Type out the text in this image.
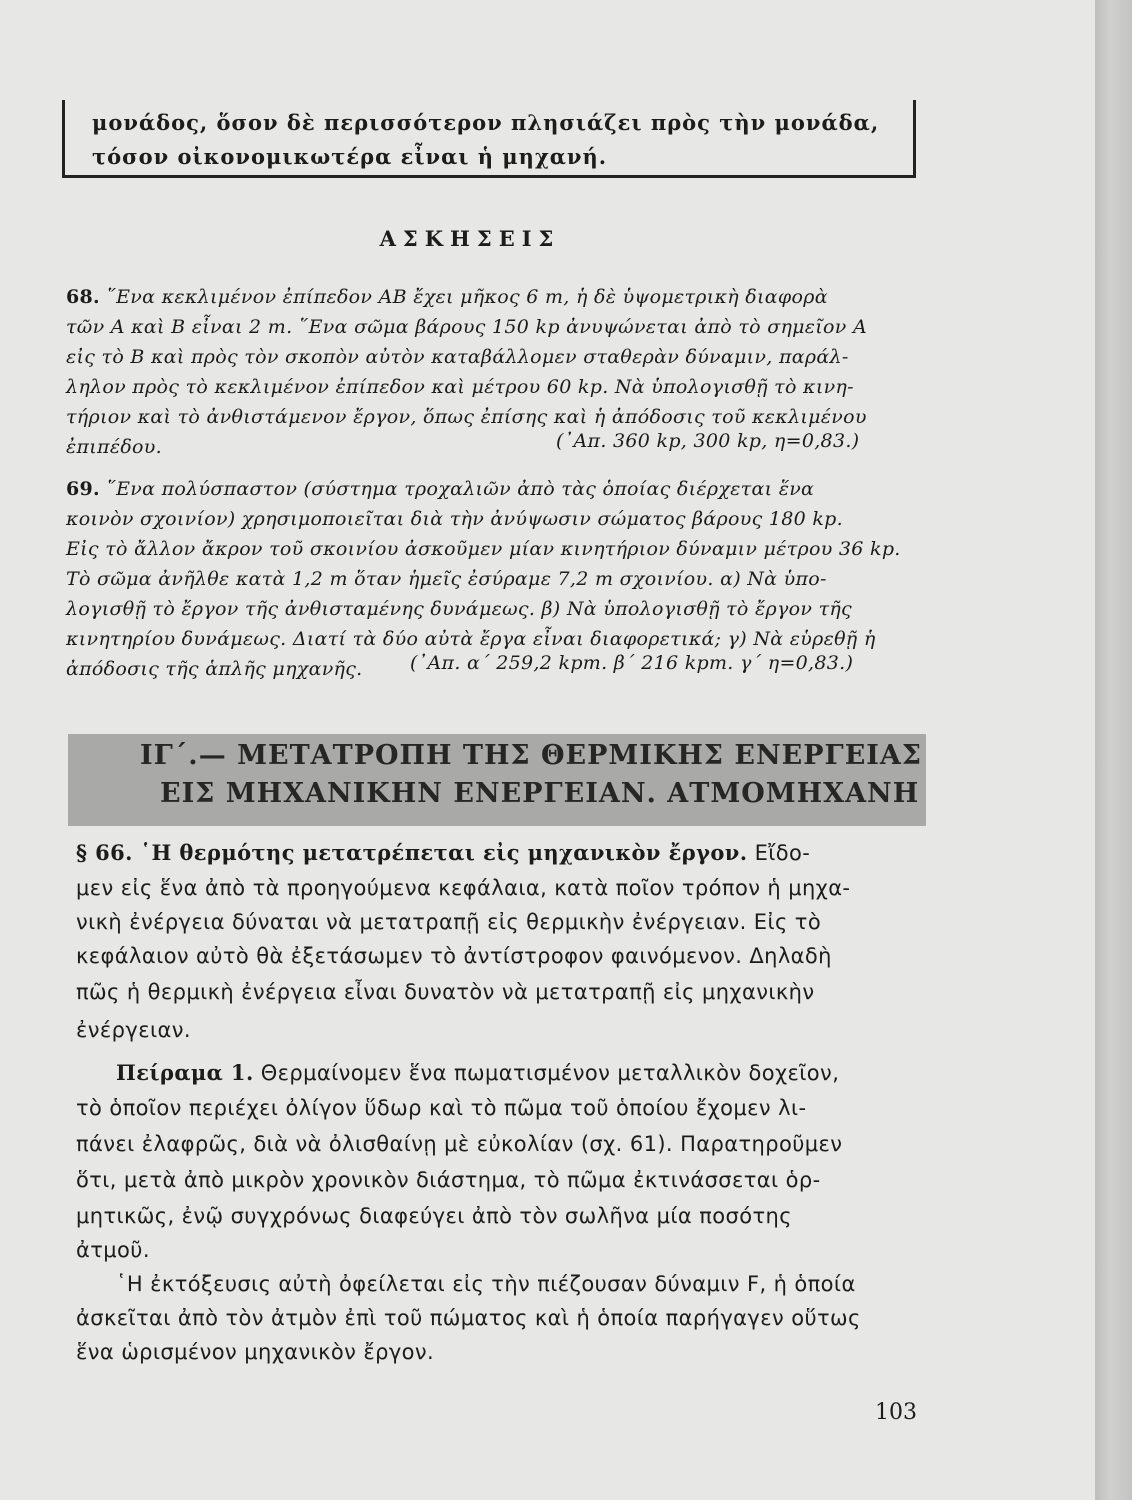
μονάδος, ὅσον δὲ περισσότερον πλησιάζει πρὸς τὴν μονάδα,
τόσον οἰκονομικωτέρα εἶναι ἡ μηχανή.
ΑΣΚΗΣΕΙΣ
68. ῞Ενα κεκλιμένον ἐπίπεδον ΑΒ ἔχει μῆκος 6 m, ἡ δὲ ὑψομετρικὴ διαφορὰ
τῶν Α καὶ Β εἶναι 2 m. ῞Ενα σῶμα βάρους 150 kp ἀνυψώνεται ἀπὸ τὸ σημεῖον Α
εἰς τὸ Β καὶ πρὸς τὸν σκοπὸν αὐτὸν καταβάλλομεν σταθερὰν δύναμιν, παράλ-
ληλον πρὸς τὸ κεκλιμένον ἐπίπεδον καὶ μέτρου 60 kp. Νὰ ὑπολογισθῇ τὸ κινη-
τήριον καὶ τὸ ἀνθιστάμενον ἔργον, ὅπως ἐπίσης καὶ ἡ ἀπόδοσις τοῦ κεκλιμένου
ἐπιπέδου.	(᾿Απ. 360 kp, 300 kp, η=0,83.)
69. ῞Ενα πολύσπαστον (σύστημα τροχαλιῶν ἀπὸ τὰς ὁποίας διέρχεται ἕνα
κοινὸν σχοινίον) χρησιμοποιεῖται διὰ τὴν ἀνύψωσιν σώματος βάρους 180 kp.
Εἰς τὸ ἄλλον ἄκρον τοῦ σκοινίου ἀσκοῦμεν μίαν κινητήριον δύναμιν μέτρου 36 kp.
Τὸ σῶμα ἀνῆλθε κατὰ 1,2 m ὅταν ἡμεῖς ἐσύραμε 7,2 m σχοινίου. α) Νὰ ὑπο-
λογισθῇ τὸ ἔργον τῆς ἀνθισταμένης δυνάμεως. β) Νὰ ὑπολογισθῇ τὸ ἔργον τῆς
κινητηρίου δυνάμεως. Διατί τὰ δύο αὐτὰ ἔργα εἶναι διαφορετικά; γ) Νὰ εὑρεθῇ ἡ
ἀπόδοσις τῆς ἁπλῆς μηχανῆς. (᾿Απ. α΄ 259,2 kpm. β΄ 216 kpm. γ΄ η=0,83.)
ΙΓ΄.— ΜΕΤΑΤΡΟΠΗ ΤΗΣ ΘΕΡΜΙΚΗΣ ΕΝΕΡΓΕΙΑΣ
ΕΙΣ ΜΗΧΑΝΙΚΗΝ ΕΝΕΡΓΕΙΑΝ. ΑΤΜΟΜΗΧΑΝΗ
§ 66. ῾Η θερμότης μετατρέπεται εἰς μηχανικὸν ἔργον. Εἴδο-
μεν εἰς ἕνα ἀπὸ τὰ προηγούμενα κεφάλαια, κατὰ ποῖον τρόπον ἡ μηχα-
νικὴ ἐνέργεια δύναται νὰ μετατραπῇ εἰς θερμικὴν ἐνέργειαν. Εἰς τὸ
κεφάλαιον αὐτὸ θὰ ἐξετάσωμεν τὸ ἀντίστροφον φαινόμενον. Δηλαδὴ
πῶς ἡ θερμικὴ ἐνέργεια εἶναι δυνατὸν νὰ μετατραπῇ εἰς μηχανικὴν
ἐνέργειαν.
Πείραμα 1. Θερμαίνομεν ἕνα πωματισμένον μεταλλικὸν δοχεῖον,
τὸ ὁποῖον περιέχει ὀλίγον ὕδωρ καὶ τὸ πῶμα τοῦ ὁποίου ἔχομεν λι-
πάνει ἐλαφρῶς, διὰ νὰ ὀλισθαίνῃ μὲ εὐκολίαν (σχ. 61). Παρατηροῦμεν
ὅτι, μετὰ ἀπὸ μικρὸν χρονικὸν διάστημα, τὸ πῶμα ἐκτινάσσεται ὁρ-
μητικῶς, ἐνῷ συγχρόνως διαφεύγει ἀπὸ τὸν σωλῆνα μία ποσότης
ἀτμοῦ.
῾Η ἐκτόξευσις αὐτὴ ὀφείλεται εἰς τὴν πιέζουσαν δύναμιν F, ἡ ὁποία
ἀσκεῖται ἀπὸ τὸν ἀτμὸν ἐπὶ τοῦ πώματος καὶ ἡ ὁποία παρήγαγεν οὕτως
ἕνα ὡρισμένον μηχανικὸν ἔργον.
103
